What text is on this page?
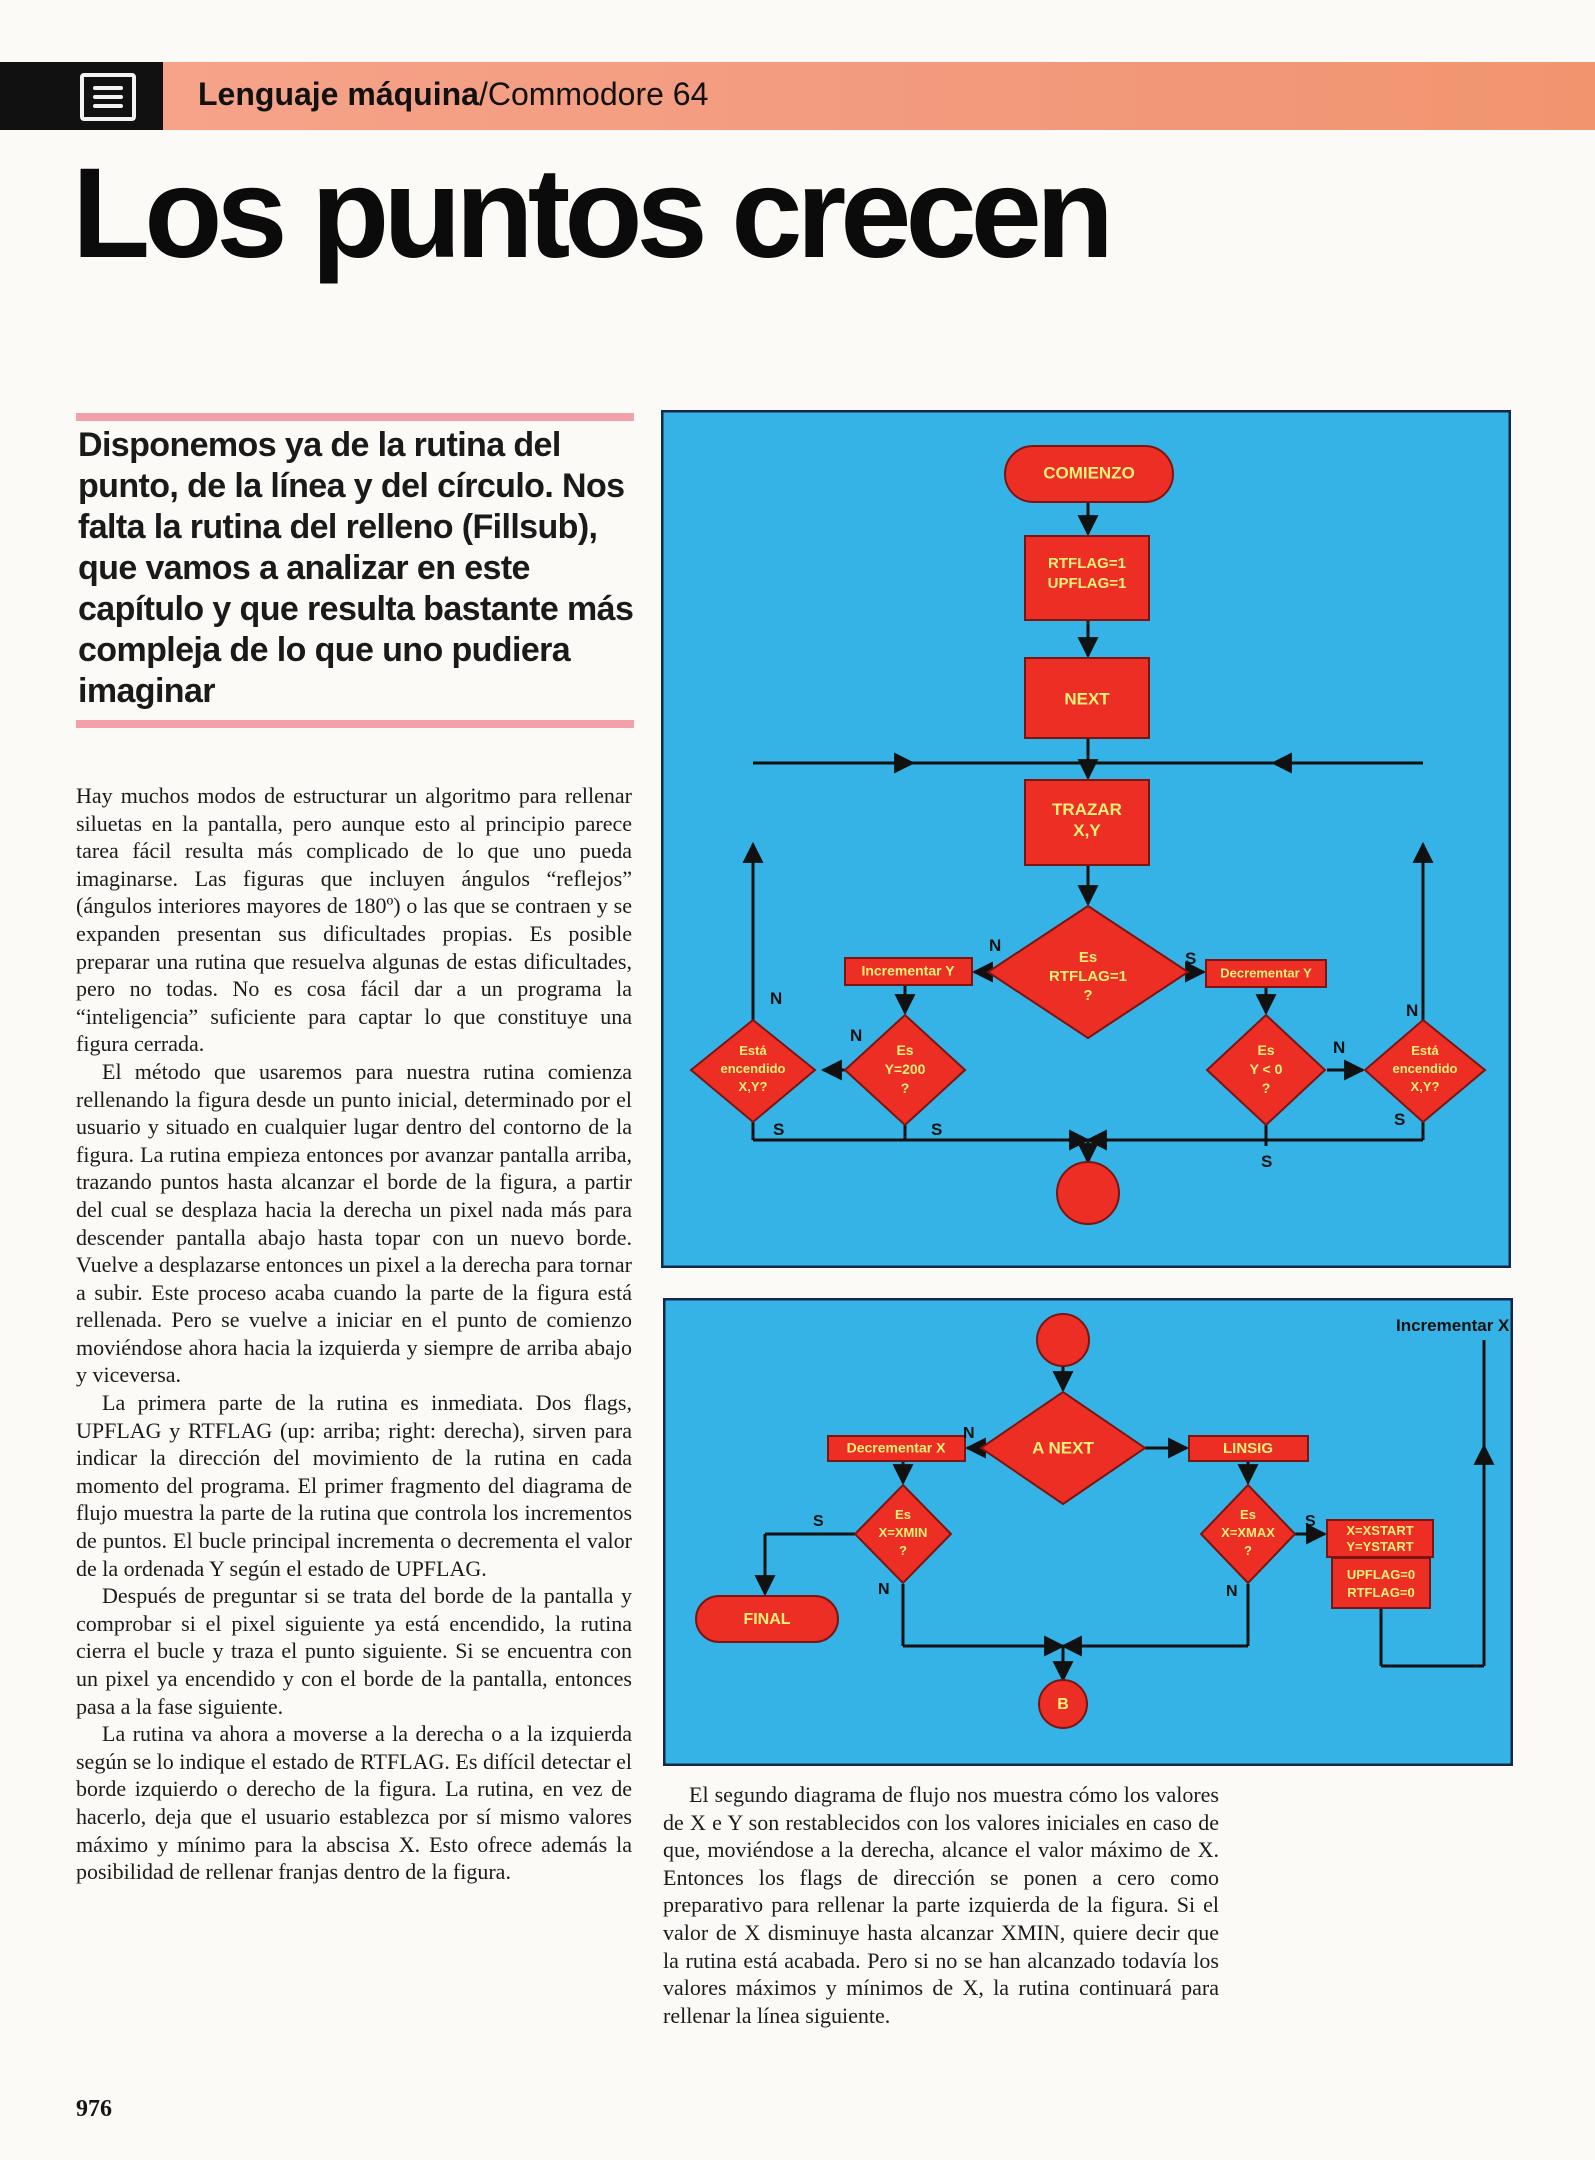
Lenguaje máquina/Commodore 64
Los puntos crecen

Disponemos ya de la rutina del punto, de la línea y del círculo. Nos falta la rutina del relleno (Fillsub), que vamos a analizar en este capítulo y que resulta bastante más compleja de lo que uno pudiera imaginar

Hay muchos modos de estructurar un algoritmo para rellenar siluetas en la pantalla, pero aunque esto al principio parece tarea fácil resulta más complicado de lo que uno pueda imaginarse. Las figuras que incluyen ángulos “reflejos” (ángulos interiores mayores de 180º) o las que se contraen y se expanden presentan sus dificultades propias. Es posible preparar una rutina que resuelva algunas de estas dificultades, pero no todas. No es cosa fácil dar a un programa la “inteligencia” suficiente para captar lo que constituye una figura cerrada.

El método que usaremos para nuestra rutina comienza rellenando la figura desde un punto inicial, determinado por el usuario y situado en cualquier lugar dentro del contorno de la figura. La rutina empieza entonces por avanzar pantalla arriba, trazando puntos hasta alcanzar el borde de la figura, a partir del cual se desplaza hacia la derecha un pixel nada más para descender pantalla abajo hasta topar con un nuevo borde. Vuelve a desplazarse entonces un pixel a la derecha para tornar a subir. Este proceso acaba cuando la parte de la figura está rellenada. Pero se vuelve a iniciar en el punto de comienzo moviéndose ahora hacia la izquierda y siempre de arriba abajo y viceversa.

La primera parte de la rutina es inmediata. Dos flags, UPFLAG y RTFLAG (up: arriba; right: derecha), sirven para indicar la dirección del movimiento de la rutina en cada momento del programa. El primer fragmento del diagrama de flujo muestra la parte de la rutina que controla los incrementos de puntos. El bucle principal incrementa o decrementa el valor de la ordenada Y según el estado de UPFLAG.

Después de preguntar si se trata del borde de la pantalla y comprobar si el pixel siguiente ya está encendido, la rutina cierra el bucle y traza el punto siguiente. Si se encuentra con un pixel ya encendido y con el borde de la pantalla, entonces pasa a la fase siguiente.

La rutina va ahora a moverse a la derecha o a la izquierda según se lo indique el estado de RTFLAG. Es difícil detectar el borde izquierdo o derecho de la figura. La rutina, en vez de hacerlo, deja que el usuario establezca por sí mismo valores máximo y mínimo para la abscisa X. Esto ofrece además la posibilidad de rellenar franjas dentro de la figura.

El segundo diagrama de flujo nos muestra cómo los valores de X e Y son restablecidos con los valores iniciales en caso de que, moviéndose a la derecha, alcance el valor máximo de X. Entonces los flags de dirección se ponen a cero como preparativo para rellenar la parte izquierda de la figura. Si el valor de X disminuye hasta alcanzar XMIN, quiere decir que la rutina está acabada. Pero si no se han alcanzado todavía los valores máximos y mínimos de X, la rutina continuará para rellenar la línea siguiente.

976
COMIENZO
RTFLAG=1
UPFLAG=1
NEXT
TRAZAR
X,Y
Es
RTFLAG=1
?
Incrementar Y	Decrementar Y
Es
Y=200
?
Está
encendido
X,Y?
Es
Y < 0
?
Está
encendido
X,Y?
N
S
N
N
N
N
S	S
S
S
Incrementar X
A NEXT
Decrementar X	LINSIG
Es
X=XMIN
?
Es
X=XMAX
?
FINAL
X=XSTART
Y=YSTART
UPFLAG=0
RTFLAG=0
N
S
N
S
N
B
